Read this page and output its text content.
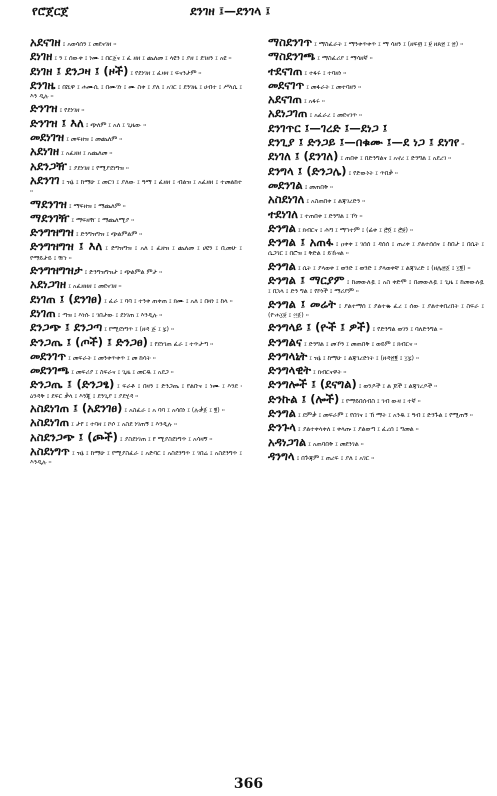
የሮጀርጀ	ደንገዘ ፤—ደንገላ ፤
አደናገዘ ፤ አወሳሰን ፤ መደናገዘ ።
ደነገዘ ፤ ን ፤ ሰውቀ ፤ ነሙ ፤ በርጀና ፤ ፈ ዘዘ ፤ ጨለመ ፤ ላዩን ፤ ያዘ ፤ ደገዘን ፤ አዩ ።
ደነገዘ ፤ ደንጋዛ ፤ (ዞች) ፤ የደነገዘ ፤ ፈዛዛ ፤ ፍናንታም ።
ደንገዜ ፤ በሺዋ ፤ ሐሙሲ ፤ በሙገነ ፤ ሙ ስቀ ፤ ያለ ፤ አገር ፤ ደንገዜ ፤ ሀብተ ፤ ሥላሴ ፤ እን ዲሉ ።
ድንገዝ ፤ የደነገዘ ።
ድንገዝ ፤ እለ ፤ ጭለም ፤ አለ ፤ ጊዜው ።
መደነገዝ ፤ መፍዘዝ ፤ መጨለም ።
አደነገዘ ፤ አፈዘዘ ፤ አጨለመ ።
አደንጋዥ ፤ ያደነገዘ ፤ የሚያደነግዝ ።
አደንገገ ፤ ዝኔ ፤ ከማሁ ፤ መርገ ፤ ያለው ፤ ዓማ ፤ ፈዘዘ ፤ ብልዝ ፤ አፈዘዘ ፤ ተመልከተ ።
ማደንገዝ ፤ ማፍዘዝ ፤ ማጨለም ።
ማደንገዥ ፤ ማፍዘዥ ፤ ማጨለሚያ ።
ድንግዝግዝ ፤ ድንግዝግዝ ፤ ጭልምልም ።
ድንግዝግዝ ፤ እለ ፤ ድግዝግዝ ፤ አለ ፤ ፈዘዝ ፤ ጨለመ ፤ ሀዩን ፤ ቢመሁ ፤ የማይታይ ፤ ዥነ ።
ድንግዝግዝታ ፤ ድንግዝግዝታ ፤ ጭልምል ምታ ።
አደነጋገዘ ፤ አፈዘዘዘ ፤ መደናገዘ ።
ደነገጠ ፤ (ደንገፀ) ፤ ፈራ ፤ ባባ ፤ ተንቀ ጠቀጠ ፤ ክሙ ፤ አለ ፤ በዛነ ፤ ከላ ።
ደነገጠ ፤ ጣዝ ፤ እነሱ ፤ ገበታው ፤ ደነገጠ ፤ እንዲሉ ።
ደንጋጭ ፤ ደንጋጣ ፤ የሚደነግጥ ፤ (ዘዳ ጅ ፤ ፯) ።
ድንጋጤ ፤ (ጦች) ፤ ድንጋፀ) ፤ የደነገጠ ፈራ ፤ ተጥታጣ ።
መደንገጥ ፤ መፍራት ፤ መንቀጥቀጥ ፤ መ ከሳት ።
መደንገጫ ፤ መፍሪያ ፤ ስፍራና ፤ ጊዜ ፤ መርዱ ፤ አደጋ ።
ድንጋጤ ፤ (ድንጋፄ) ፤ ፍራቶ ፤ በዛን ፤ ድንጋጤ ፤ የልቡና ፤ ነሙ ፤ እንደ ፡ ዕንዳቅ ፤ ደፍር ቃላ ፤ እንጂ ፤ ደንጊያ ፤ ያደሂዳ ።
አስደነገጠ ፤ (አደንገፀ) ፤ አስፈራ ፤ አ ባባ ፤ አሳበነ ፤ (ሉቃ፩ ፤ ፪) ።
አስደነገጠ ፤ ታየ ፤ ተባዛ ፤ ኮሶ ፤ አስደ ነገጠኝ ፤ እንዲሉ ።
አስደንጋጭ ፤ (ጮች) ፤ ያስደነገጠ ፤ የ ሚያስደነግጥ ፤ አሳዛኝ ።
አስደነግጥ ፤ ዝኔ ፤ ከማሁ ፤ የሚያስፈራ ፤ አድባር ፤ አስደንግጥ ፤ ገበሬ ፤ አስደንግጥ ፤ እንዲሉ ።
ማስደንገጥ ፤ ማስፈራት ፤ ማንቀጥቀጥ ፤ ማ ሳዘን ፤ (ዘፍ፴ ፤ ፱ ዘጸ፳ ፤ ፳) ።
ማስደንገጫ ፤ ማስፈሪያ ፤ ማሳዘኛ ።
ተደናገጠ ፤ ተፋሩ ፤ ተባዘነ ።
መደናገጥ ፤ መፋራት ፤ መተባዘን ።
አደናገጠ ፤ አፋሩ ።
አደነጋገጠ ፤ አፈራረ ፤ መደናገጥ ።
ደንገጥር ፤—ገረድ ፤—ደነጋ ፤
ደንጊያ ፤ ድንጋይ ፤—በቁሙ ፤—ደ ነጋ ፤ ደነገየ ።
ደነገለ ፤ (ደንገለ) ፤ ጠበቀ ፤ በድንግልና ፤ አኖረ ፤ ድንግል ፤ አደረገ ።
ደንግላ ፤ (ድንጋሌ) ፤ የድውነት ፤ ጥበቃ ።
መደንገል ፤ መጠበቅ ።
አስደነገለ ፤ አስጠበቀ ፤ ልጃገረድን ።
ተደነገለ ፤ ተጠበቀ ፤ ድንግል ፤ ኾነ ።
ድንግል ፤ ክብርና ፤ ሕግ ፤ ማኀተም ፤ (ፊቀ ፤ ፸፬ ፤ ፸፱) ።
ድንግል ፤ አጠፋ ፤ ዐቀቀ ፤ ገሰሰ ፤ ዳሰሰ ፤ ጠረቀ ፤ ያልተሰሰና ፤ ከበታ ፤ በሴት ፤ ሴጋገር ፤ በሮዝ ፤ ቅድል ፤ ይኹናል ።
ድንግል ፤ ሴት ፤ ያላወቀ ፤ ወንድ ፤ ወንድ ፤ ያላወቀቸ ፤ ልጃገረድ ፤ (ዘሌ፳፩ ፤ ፲፪) ።
ድንግል ፤ ማርያም ፤ ከመውለዷ ፤ አስ ቀድሞ ፤ በመውለዷ ፤ ጊዜ ፤ ከመውለዷ ፤ በኋላ ፤ ድን ግል ፤ የኮነች ፤ ማሪያም ።
ድንግል ፤ መሬት ፤ ያልተማሰ ፤ ያልተቈ ፈረ ፤ ሰው ፤ ያልተቀበረበት ፤ ስፍራ ፤ (ዮሐ፲፱ ፤ ፵፩) ።
ድንግላይ ፤ (ዮች ፤ ዎች) ፤ የድንግል ወገን ፤ ባለድንግል ።
ድንግልና ፤ ድንግል ፤ መኾን ፤ መጠበቅ ፤ ወይም ፤ ክብርና ።
ድንግላኒት ፤ ዝኔ ፤ ከማሁ ፤ ልጃገረድነት ፤ (ዘዳ፳፪ ፤ ፲፯) ።
ድንግላዊት ፤ ክብርናዋት ።
ድንግሎች ፤ (ደናግል) ፤ ወንዶች ፤ ል ጆች ፤ ልጃገረዶች ።
ድንኩል ፤ (ሎች) ፤ የማይበሰብስ ፤ ገብ ውዛ ፤ ተኛ ።
ድንግል ፤ ደምቃ ፤ መፍራም ፤ የበገና ፤ ኽ ማት ፤ አንዱ ፤ ዓብ ፤ ድንጉል ፤ የሚጠኝ ።
ድንጉላ ፤ ያልተቀላቀለ ፤ ቀላጡ ፤ ያልወጣ ፤ ፈረሰ ፤ ግመል ።
አዳነጋገል ፤ አጠባበቅ ፤ መደንገል ።
ዳንግላ ፤ በጕጃም ፤ ጠረፍ ፤ ያለ ፤ አገር ።
366
